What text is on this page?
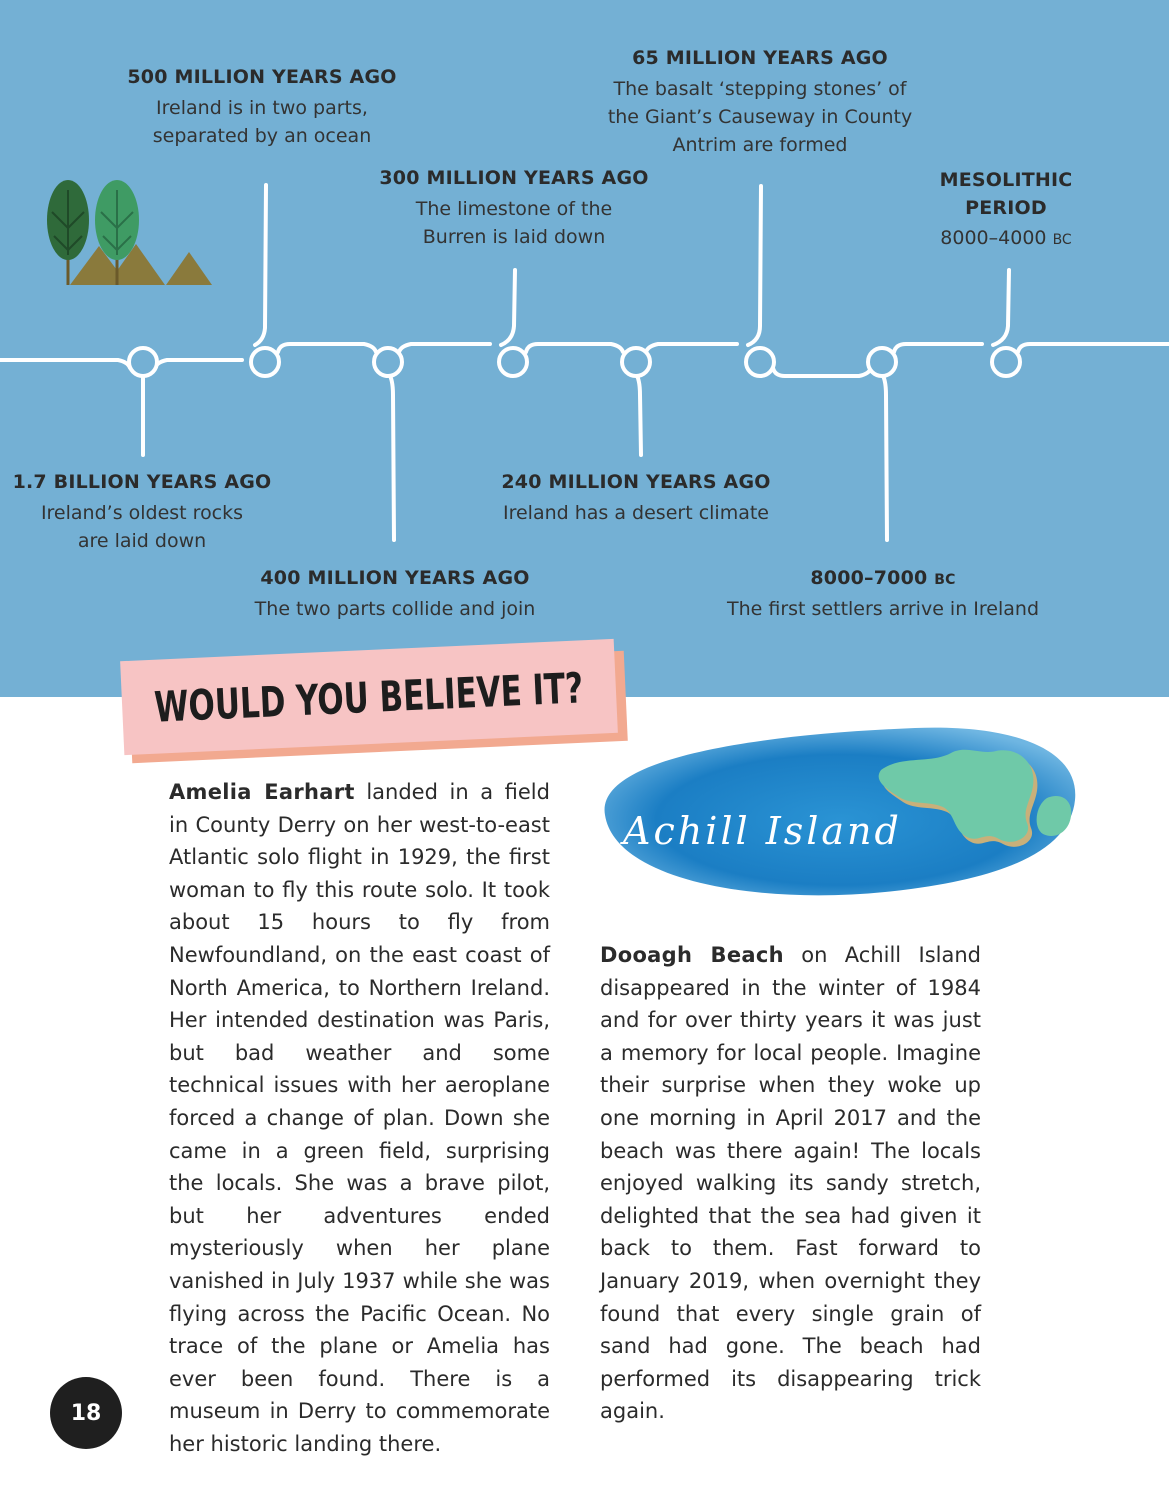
500 MILLION YEARS AGO
Ireland is in two parts,
separated by an ocean
65 MILLION YEARS AGO
The basalt ‘stepping stones’ of
the Giant’s Causeway in County
Antrim are formed
300 MILLION YEARS AGO
The limestone of the
Burren is laid down
MESOLITHIC
PERIOD
8000–4000 BC
1.7 BILLION YEARS AGO
Ireland’s oldest rocks
are laid down
240 MILLION YEARS AGO
Ireland has a desert climate
400 MILLION YEARS AGO
The two parts collide and join
8000–7000 BC
The first settlers arrive in Ireland
WOULD YOU BELIEVE IT?
Amelia Earhart landed in a field in County Derry on her west-to-east Atlantic solo flight in 1929, the first woman to fly this route solo. It took about 15 hours to fly from Newfoundland, on the east coast of North America, to Northern Ireland. Her intended destination was Paris, but bad weather and some technical issues with her aeroplane forced a change of plan. Down she came in a green field, surprising the locals. She was a brave pilot, but her adventures ended mysteriously when her plane vanished in July 1937 while she was flying across the Pacific Ocean. No trace of the plane or Amelia has ever been found. There is a museum in Derry to commemorate her historic landing there.
Achill Island
Dooagh Beach on Achill Island disappeared in the winter of 1984 and for over thirty years it was just a memory for local people. Imagine their surprise when they woke up one morning in April 2017 and the beach was there again! The locals enjoyed walking its sandy stretch, delighted that the sea had given it back to them. Fast forward to January 2019, when overnight they found that every single grain of sand had gone. The beach had performed its disappearing trick again.
18
